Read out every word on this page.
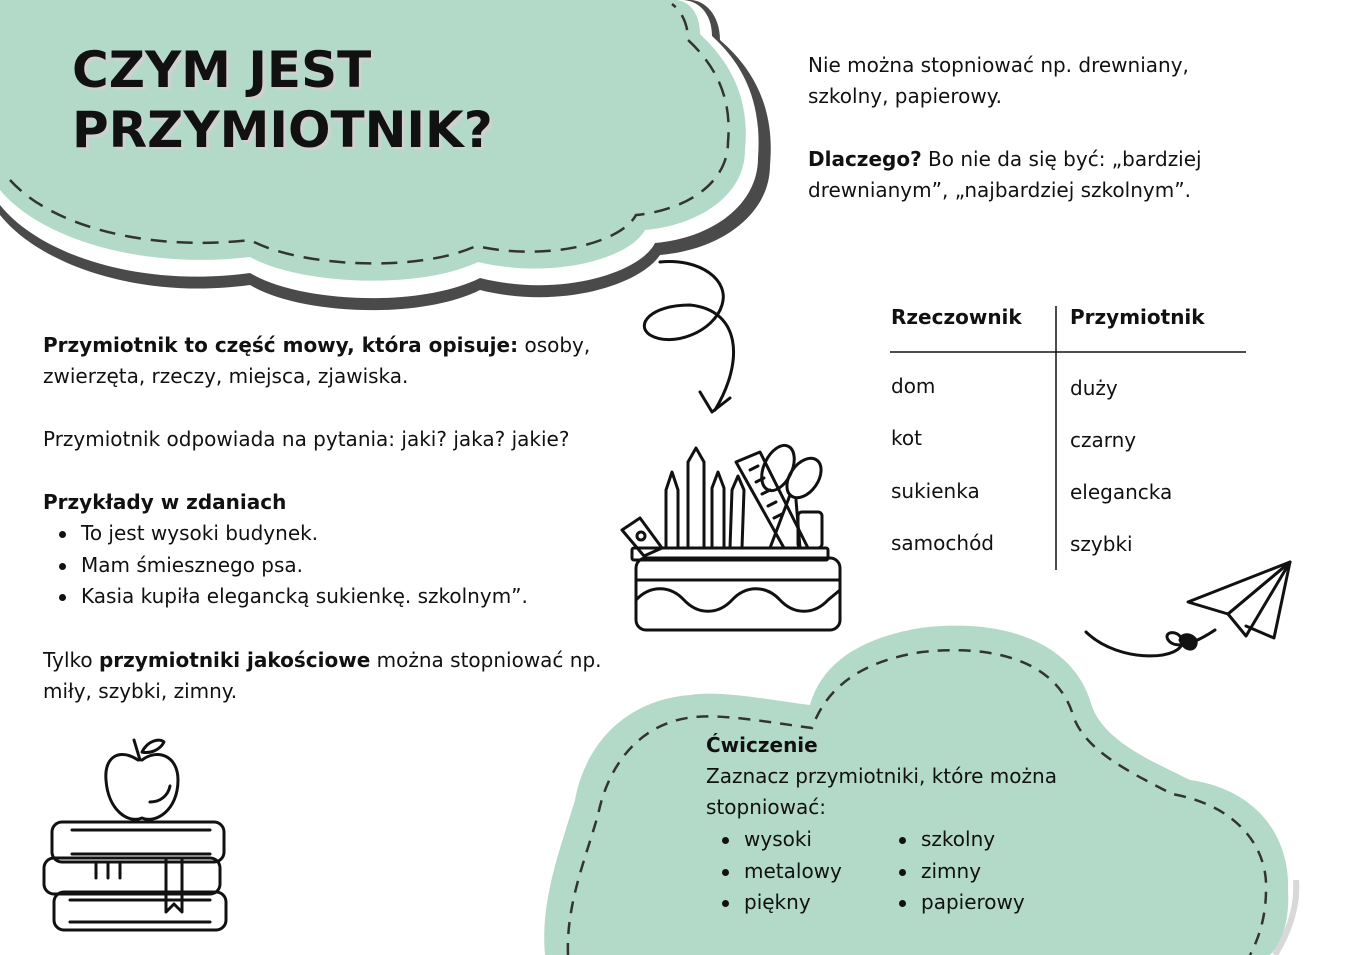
CZYM JEST
PRZYMIOTNIK?
Nie można stopniować np. drewniany,
szkolny, papierowy.
Dlaczego? Bo nie da się być: „bardziej
drewnianym”, „najbardziej szkolnym”.
Przymiotnik to część mowy, która opisuje: osoby,
zwierzęta, rzeczy, miejsca, zjawiska.
Przymiotnik odpowiada na pytania: jaki? jaka? jakie?
Przykłady w zdaniach
To jest wysoki budynek.
Mam śmiesznego psa.
Kasia kupiła elegancką sukienkę. szkolnym”.
Tylko przymiotniki jakościowe można stopniować np.
miły, szybki, zimny.
Rzeczownik Przymiotnik
dom	duży
kot	czarny
sukienka	elegancka
samochód	szybki
Ćwiczenie
Zaznacz przymiotniki, które można
stopniować:
wysoki
metalowy
piękny
szkolny
zimny
papierowy
